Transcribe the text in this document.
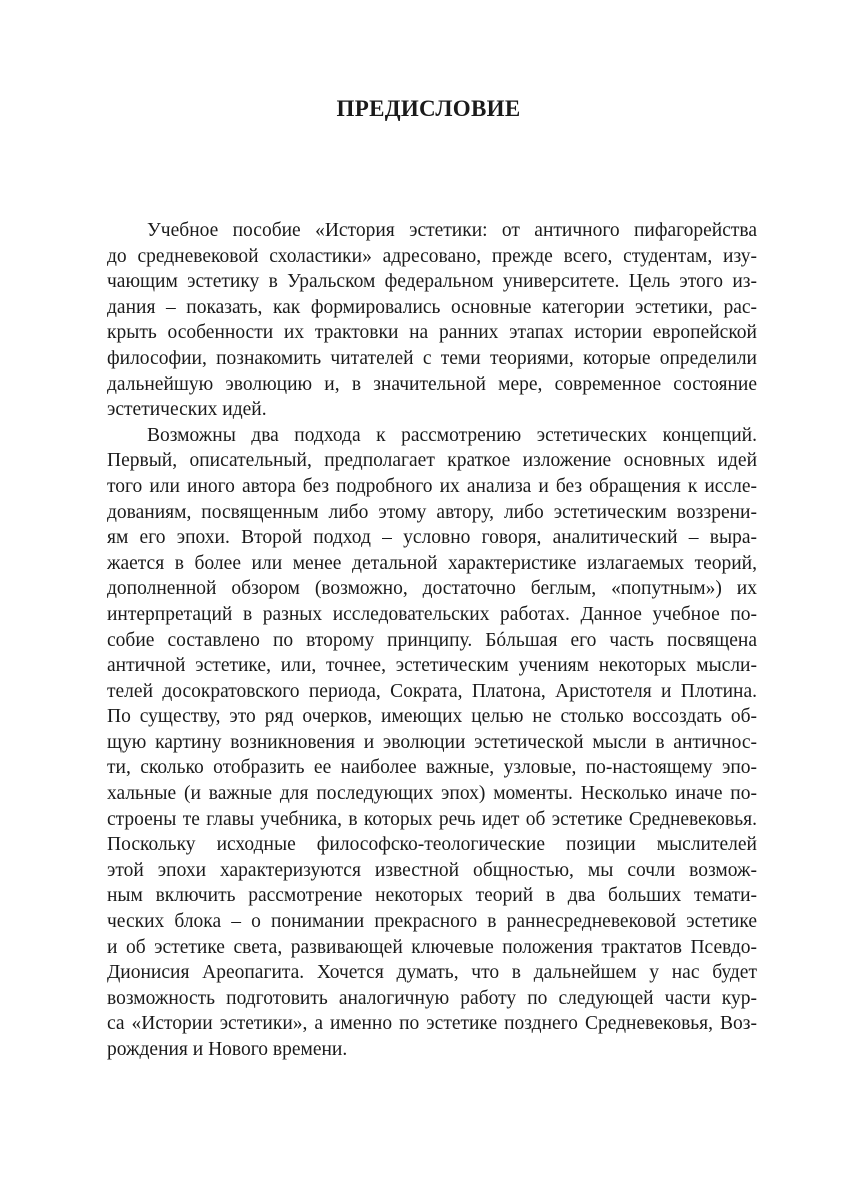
ПРЕДИСЛОВИЕ
Учебное пособие «История эстетики: от античного пифагорейства
до средневековой схоластики» адресовано, прежде всего, студентам, изу-
чающим эстетику в Уральском федеральном университете. Цель этого из-
дания – показать, как формировались основные категории эстетики, рас-
крыть особенности их трактовки на ранних этапах истории европейской
философии, познакомить читателей с теми теориями, которые определили
дальнейшую эволюцию и, в значительной мере, современное состояние
эстетических идей.
Возможны два подхода к рассмотрению эстетических концепций.
Первый, описательный, предполагает краткое изложение основных идей
того или иного автора без подробного их анализа и без обращения к иссле-
дованиям, посвященным либо этому автору, либо эстетическим воззрени-
ям его эпохи. Второй подход – условно говоря, аналитический – выра-
жается в более или менее детальной характеристике излагаемых теорий,
дополненной обзором (возможно, достаточно беглым, «попутным») их
интерпретаций в разных исследовательских работах. Данное учебное по-
собие составлено по второму принципу. Бóльшая его часть посвящена
античной эстетике, или, точнее, эстетическим учениям некоторых мысли-
телей досократовского периода, Сократа, Платона, Аристотеля и Плотина.
По существу, это ряд очерков, имеющих целью не столько воссоздать об-
щую картину возникновения и эволюции эстетической мысли в античнос-
ти, сколько отобразить ее наиболее важные, узловые, по-настоящему эпо-
хальные (и важные для последующих эпох) моменты. Несколько иначе по-
строены те главы учебника, в которых речь идет об эстетике Средневековья.
Поскольку исходные философско-теологические позиции мыслителей
этой эпохи характеризуются известной общностью, мы сочли возмож-
ным включить рассмотрение некоторых теорий в два больших темати-
ческих блока – о понимании прекрасного в раннесредневековой эстетике
и об эстетике света, развивающей ключевые положения трактатов Псевдо-
Дионисия Ареопагита. Хочется думать, что в дальнейшем у нас будет
возможность подготовить аналогичную работу по следующей части кур-
са «Истории эстетики», а именно по эстетике позднего Средневековья, Воз-
рождения и Нового времени.
